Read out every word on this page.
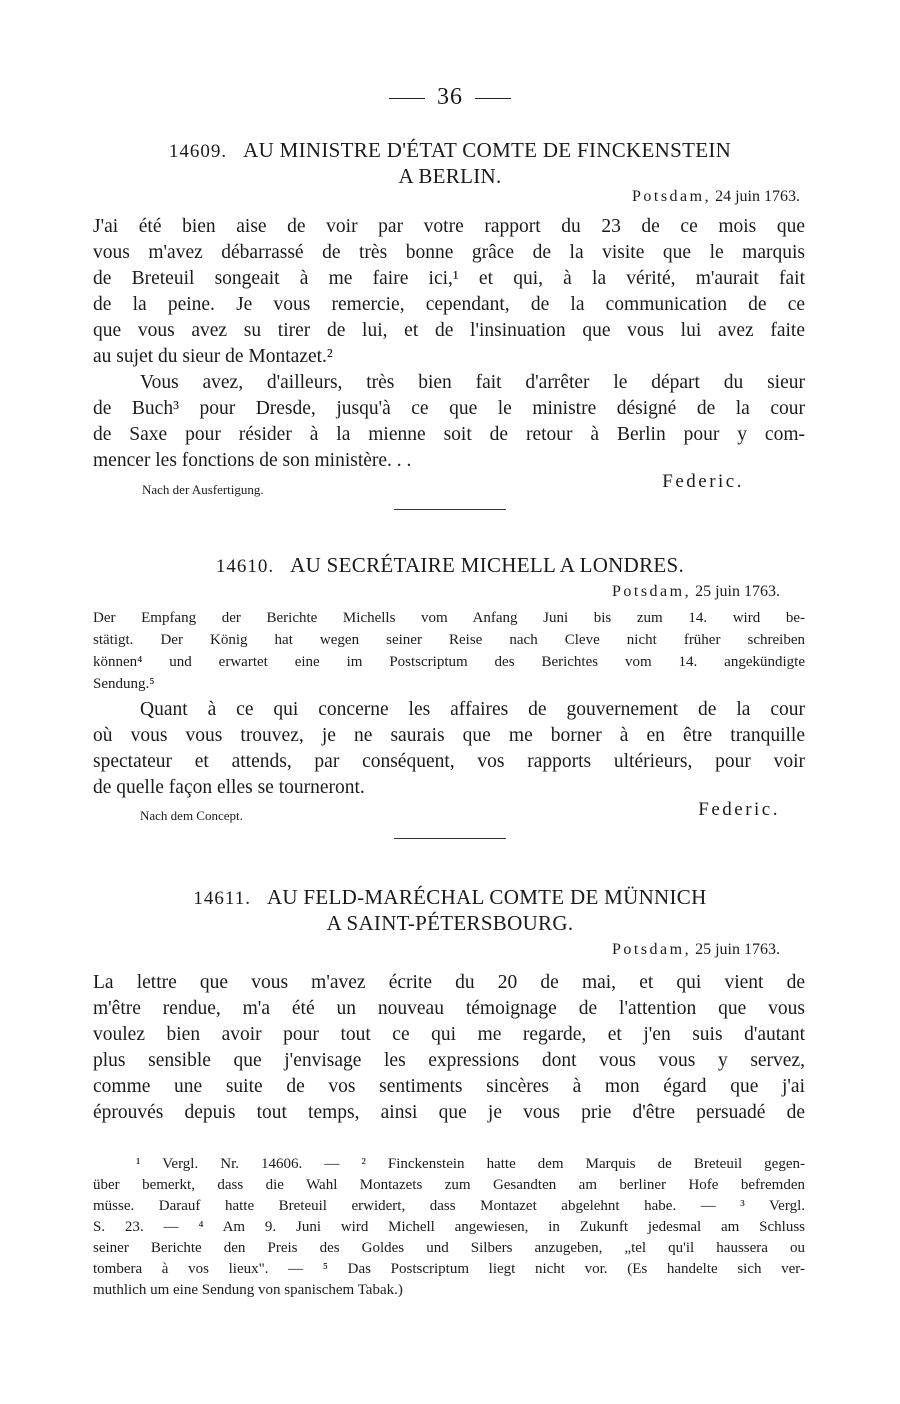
36
14609. AU MINISTRE D'ÉTAT COMTE DE FINCKENSTEIN
A BERLIN.
Potsdam, 24 juin 1763.
J'ai été bien aise de voir par votre rapport du 23 de ce mois que
vous m'avez débarrassé de très bonne grâce de la visite que le marquis
de Breteuil songeait à me faire ici,¹ et qui, à la vérité, m'aurait fait
de la peine. Je vous remercie, cependant, de la communication de ce
que vous avez su tirer de lui, et de l'insinuation que vous lui avez faite
au sujet du sieur de Montazet.²
Vous avez, d'ailleurs, très bien fait d'arrêter le départ du sieur
de Buch³ pour Dresde, jusqu'à ce que le ministre désigné de la cour
de Saxe pour résider à la mienne soit de retour à Berlin pour y com-
mencer les fonctions de son ministère. . .
Nach der Ausfertigung.	Federic.
14610. AU SECRÉTAIRE MICHELL A LONDRES.
Potsdam, 25 juin 1763.
Der Empfang der Berichte Michells vom Anfang Juni bis zum 14. wird be-
stätigt. Der König hat wegen seiner Reise nach Cleve nicht früher schreiben
können⁴ und erwartet eine im Postscriptum des Berichtes vom 14. angekündigte
Sendung.⁵
Quant à ce qui concerne les affaires de gouvernement de la cour
où vous vous trouvez, je ne saurais que me borner à en être tranquille
spectateur et attends, par conséquent, vos rapports ultérieurs, pour voir
de quelle façon elles se tourneront.
Nach dem Concept.	Federic.
14611. AU FELD-MARÉCHAL COMTE DE MÜNNICH
A SAINT-PÉTERSBOURG.
Potsdam, 25 juin 1763.
La lettre que vous m'avez écrite du 20 de mai, et qui vient de
m'être rendue, m'a été un nouveau témoignage de l'attention que vous
voulez bien avoir pour tout ce qui me regarde, et j'en suis d'autant
plus sensible que j'envisage les expressions dont vous vous y servez,
comme une suite de vos sentiments sincères à mon égard que j'ai
éprouvés depuis tout temps, ainsi que je vous prie d'être persuadé de
¹ Vergl. Nr. 14606. — ² Finckenstein hatte dem Marquis de Breteuil gegen-
über bemerkt, dass die Wahl Montazets zum Gesandten am berliner Hofe befremden
müsse. Darauf hatte Breteuil erwidert, dass Montazet abgelehnt habe. — ³ Vergl.
S. 23. — ⁴ Am 9. Juni wird Michell angewiesen, in Zukunft jedesmal am Schluss
seiner Berichte den Preis des Goldes und Silbers anzugeben, „tel qu'il haussera ou
tombera à vos lieux". — ⁵ Das Postscriptum liegt nicht vor. (Es handelte sich ver-
muthlich um eine Sendung von spanischem Tabak.)
